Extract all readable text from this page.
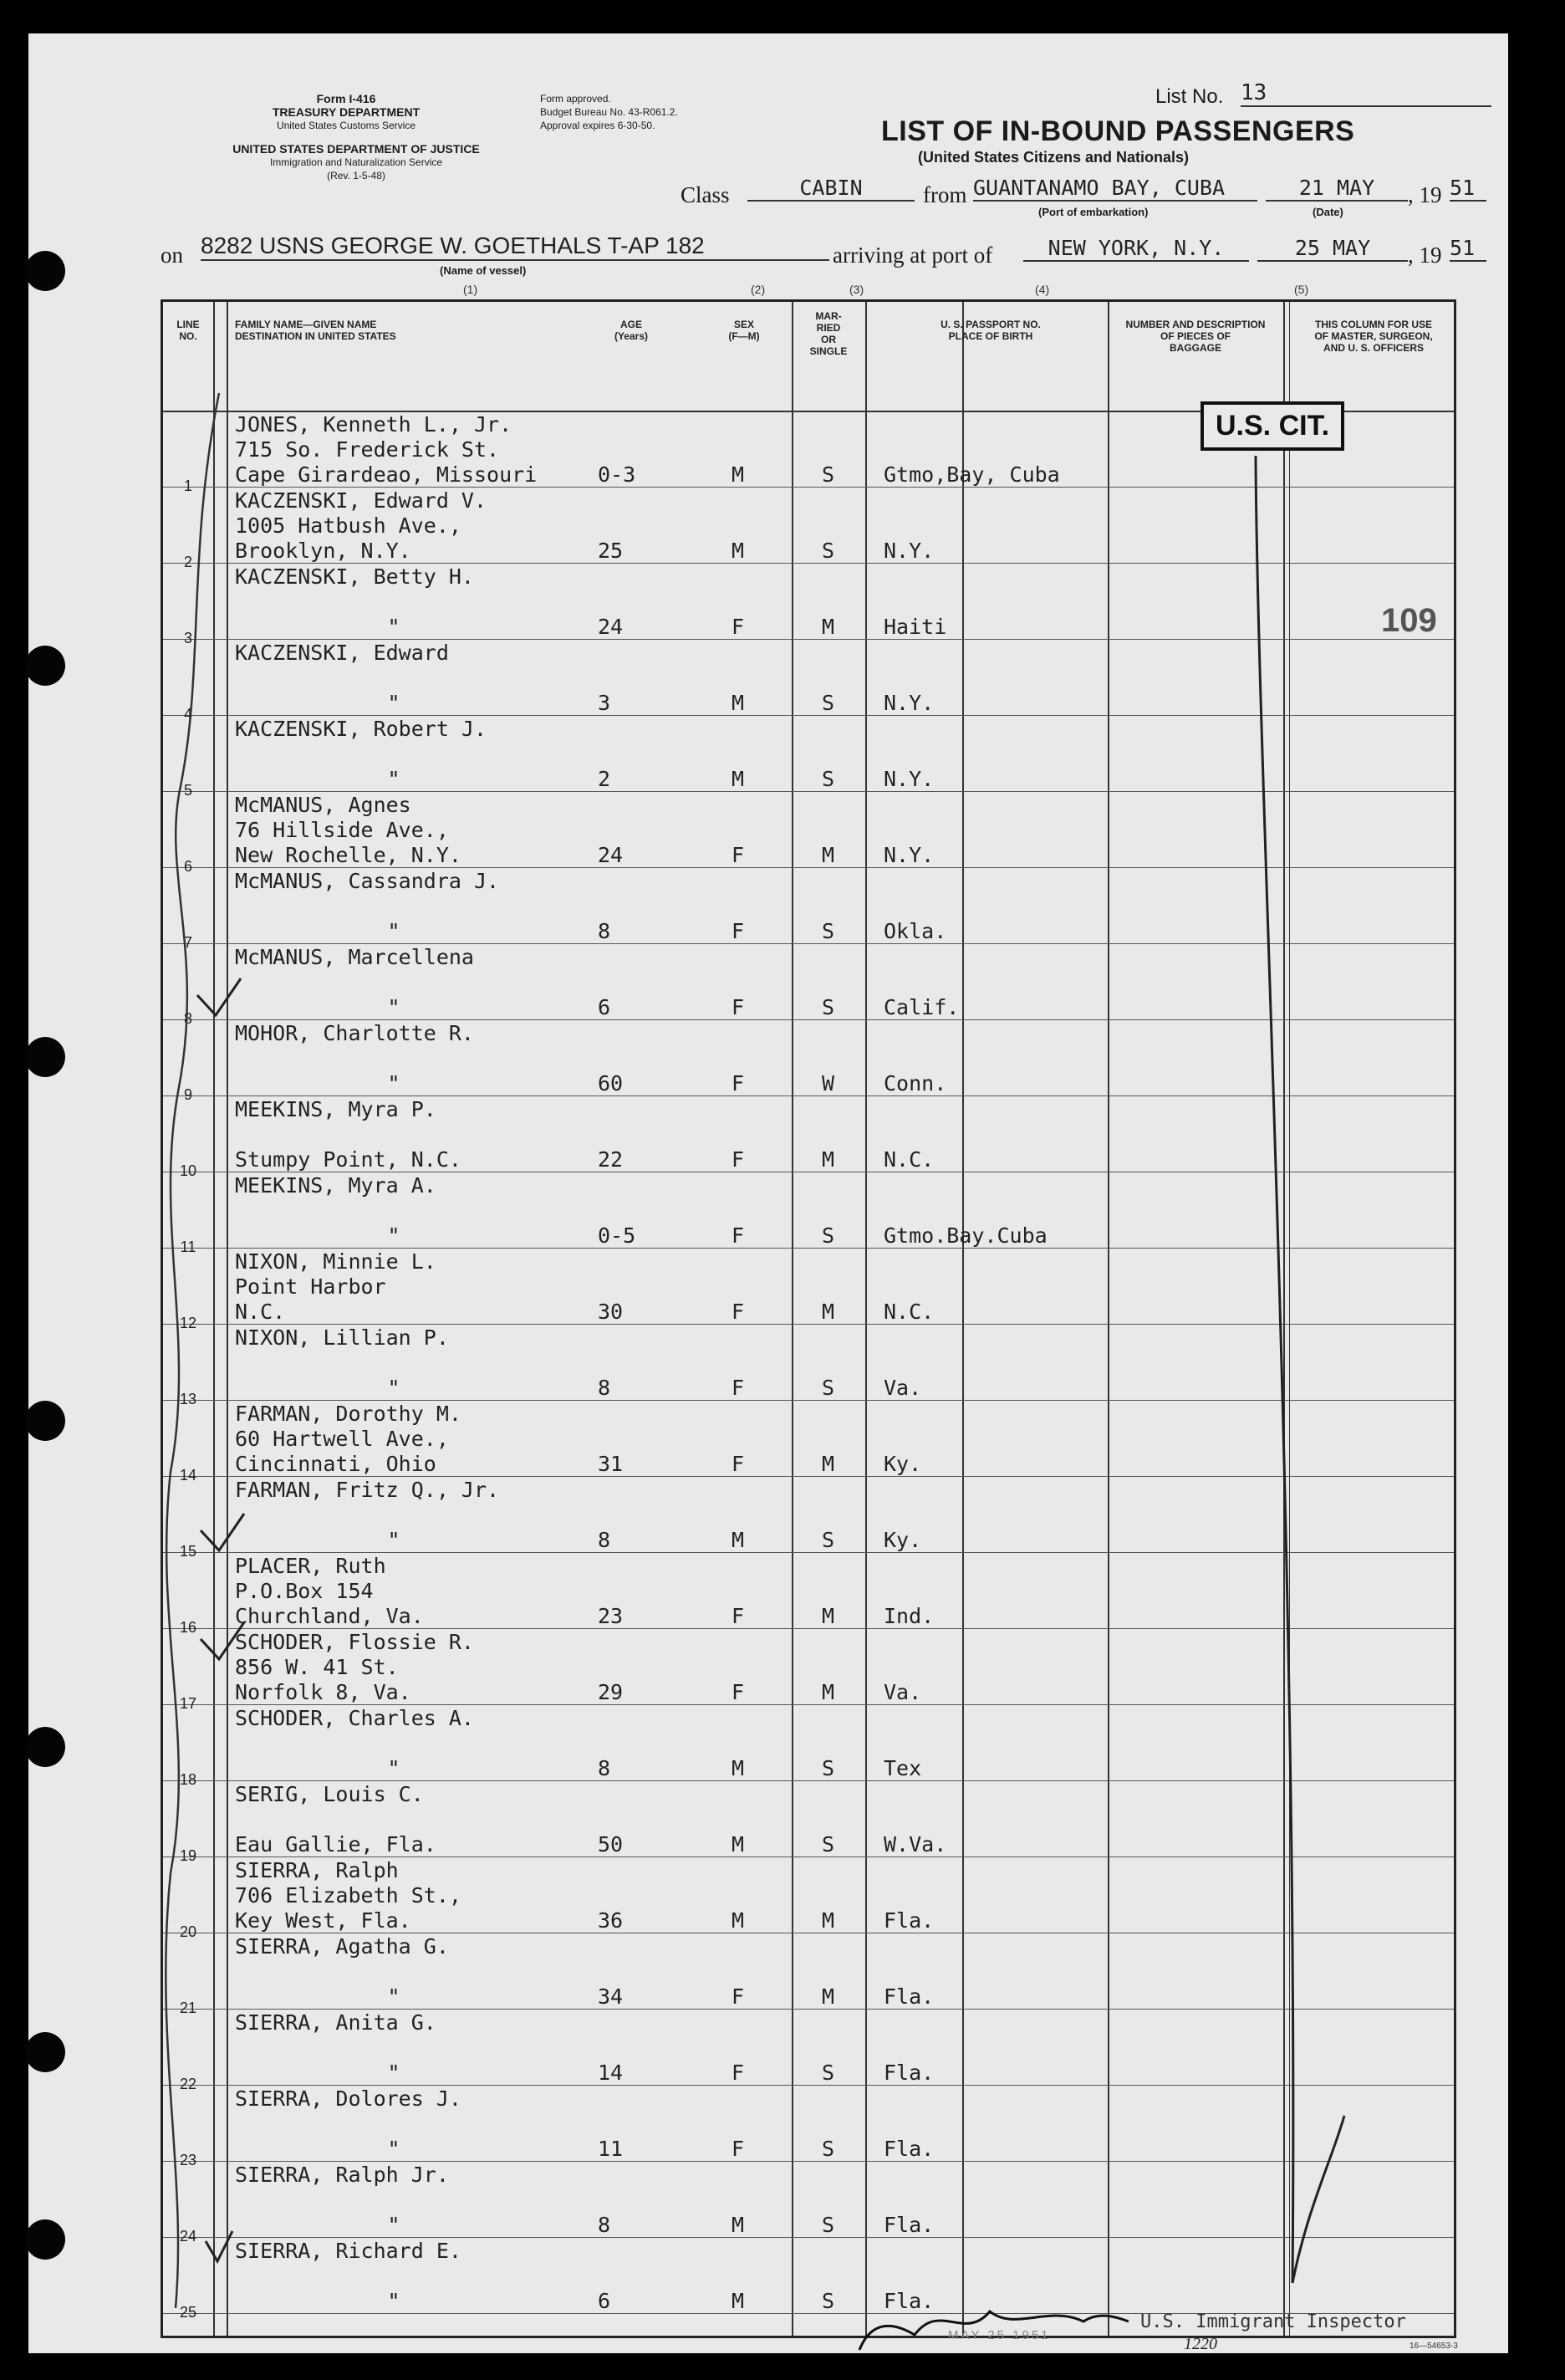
Form I-416
TREASURY DEPARTMENT
United States Customs Service
Form approved.
Budget Bureau No. 43-R061.2.
Approval expires 6-30-50.
UNITED STATES DEPARTMENT OF JUSTICE
Immigration and Naturalization Service
(Rev. 1-5-48)
List No. 13
LIST OF IN-BOUND PASSENGERS
(United States Citizens and Nationals)
Class	CABIN	from GUANTANAMO BAY, CUBA
(Port of embarkation)
21 MAY
(Date)
, 19 51
on 8282 USNS GEORGE W. GOETHALS T-AP 182
(Name of vessel)
arriving at port of	NEW YORK, N.Y.	25 MAY	, 19 51
LINE
NO.
FAMILY NAME—GIVEN NAME
DESTINATION IN UNITED STATES
AGE
(Years)
SEX
(F—M)
MAR-
RIED
OR
SINGLE
U. S. PASSPORT NO.
PLACE OF BIRTH
NUMBER AND DESCRIPTION
OF PIECES OF
BAGGAGE
THIS COLUMN FOR USE
OF MASTER, SURGEON,
AND U. S. OFFICERS
1
JONES, Kenneth L., Jr.
715 So. Frederick St.
Cape Girardeao, Missouri	0-3	M	S Gtmo,Bay, Cuba
2
KACZENSKI, Edward V.
1005 Hatbush Ave.,
Brooklyn, N.Y.	25	M	S N.Y.
3
KACZENSKI, Betty H.
"	24	F	M Haiti
4
KACZENSKI, Edward
"	3	M	S N.Y.
5
KACZENSKI, Robert J.
"	2	M	S N.Y.
6
McMANUS, Agnes
76 Hillside Ave.,
New Rochelle, N.Y.	24	F	M N.Y.
7
McMANUS, Cassandra J.
"	8	F	S Okla.
8
McMANUS, Marcellena
"	6	F	S Calif.
9
MOHOR, Charlotte R.
"	60	F	W Conn.
10
MEEKINS, Myra P.
Stumpy Point, N.C.	22	F	M N.C.
11
MEEKINS, Myra A.
"	0-5	F	S Gtmo.Bay.Cuba
12
NIXON, Minnie L.
Point Harbor
N.C.	30	F	M N.C.
13
NIXON, Lillian P.
"	8	F	S Va.
14
FARMAN, Dorothy M.
60 Hartwell Ave.,
Cincinnati, Ohio	31	F	M Ky.
15
FARMAN, Fritz Q., Jr.
"	8	M	S Ky.
16
PLACER, Ruth
P.O.Box 154
Churchland, Va.	23	F	M Ind.
17
SCHODER, Flossie R.
856 W. 41 St.
Norfolk 8, Va.	29	F	M Va.
18
SCHODER, Charles A.
"	8	M	S Tex
19
SERIG, Louis C.
Eau Gallie, Fla.	50	M	S W.Va.
20
SIERRA, Ralph
706 Elizabeth St.,
Key West, Fla.	36	M	M Fla.
21
SIERRA, Agatha G.
"	34	F	M Fla.
22
SIERRA, Anita G.
"	14	F	S Fla.
23
SIERRA, Dolores J.
"	11	F	S Fla.
24
SIERRA, Ralph Jr.
"	8	M	S Fla.
25
SIERRA, Richard E.
"	6	M	S Fla.
(1)	(2)	(3)	(4)	(5)
U.S. CIT.
109
MAY 25 1951
U.S. Immigrant Inspector
1220	16—54653-3
